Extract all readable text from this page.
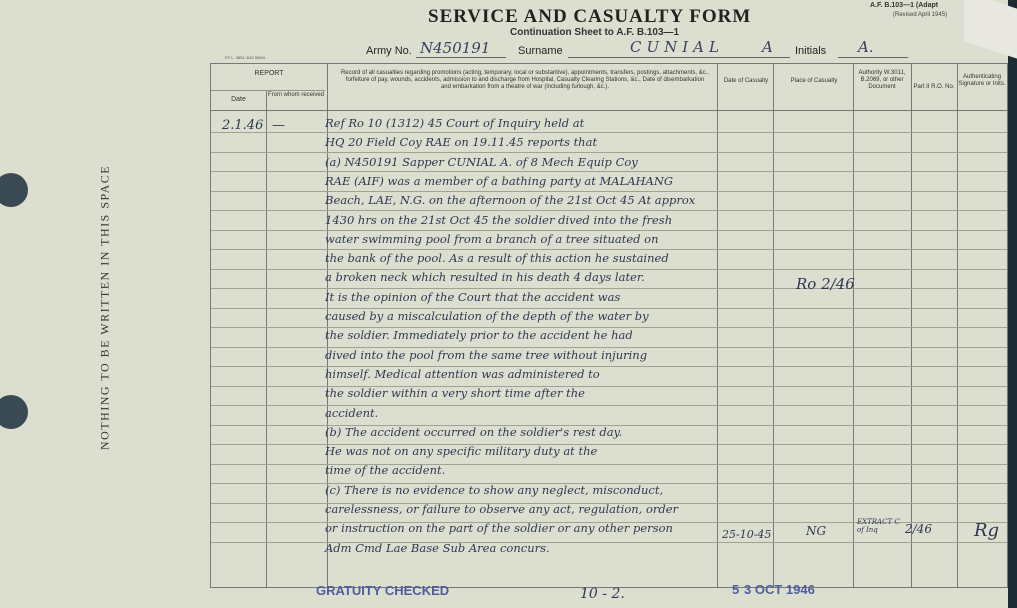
SERVICE AND CASUALTY FORM
Continuation Sheet to A.F. B.103—1
A.F. B.103—1 (Adapt
(Revised April 1945)
P.F.L. 3651 4/45 500M
Army No. N450191	Surname	CUNIAL	A Initials A.
NOTHING TO BE WRITTEN IN THIS SPACE
REPORT
Date
From whom received
Record of all casualties regarding promotions (acting, temporary, local or substantive), appointments, transfers, postings, attachments, &c., forfeiture of pay, wounds, accidents, admission to and discharge from Hospital, Casualty Clearing Stations, &c., Date of disembarkation and embarkation from a theatre of war (including furlough, &c.).
Date of Casualty	Place of Casualty
Authority W.3011, B.2069, or other Document	Part II R.O. No.
Authenticating Signature or Inits.
2.1.46 —	Ref Ro 10 (1312) 45 Court of Inquiry held at
HQ 20 Field Coy RAE on 19.11.45 reports that
(a) N450191 Sapper CUNIAL A. of 8 Mech Equip Coy
RAE (AIF) was a member of a bathing party at MALAHANG
Beach, LAE, N.G. on the afternoon of the 21st Oct 45 At approx
1430 hrs on the 21st Oct 45 the soldier dived into the fresh
water swimming pool from a branch of a tree situated on
the bank of the pool. As a result of this action he sustained
a broken neck which resulted in his death 4 days later.
It is the opinion of the Court that the accident was
caused by a miscalculation of the depth of the water by
the soldier. Immediately prior to the accident he had
dived into the pool from the same tree without injuring
himself. Medical attention was administered to
the soldier within a very short time after the
accident.
(b) The accident occurred on the soldier's rest day.
He was not on any specific military duty at the
time of the accident.
(c) There is no evidence to show any neglect, misconduct,
carelessness, or failure to observe any act, regulation, order
or instruction on the part of the soldier or any other person
Adm Cmd Lae Base Sub Area concurs.
Ro 2/46
25-10-45	NG
EXTRACT C of Inq	2/46 Rg
GRATUITY CHECKED	10 - 2.	5 3 OCT 1946
